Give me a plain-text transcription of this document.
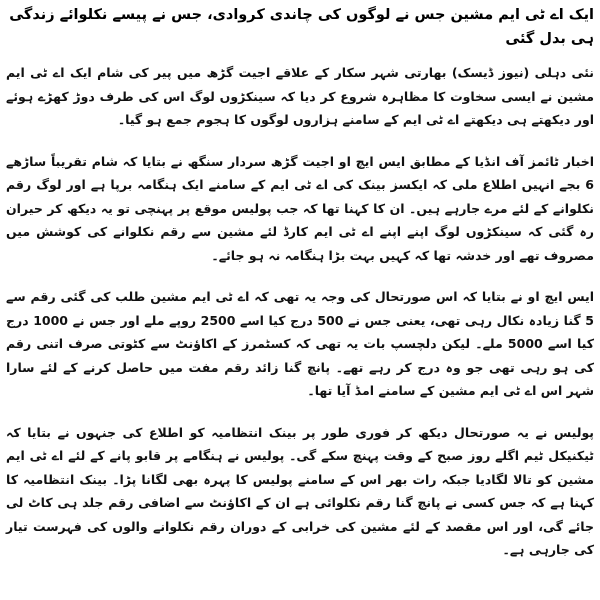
ایک اے ٹی ایم مشین جس نے لوگوں کی چاندی کروادی، جس نے پیسے نکلوائے زندگی ہی بدل گئی

نئی دہلی (نیوز ڈیسک) بھارتی شہر سکار کے علاقے اجیت گڑھ میں پیر کی شام ایک اے ٹی ایم مشین نے ایسی سخاوت کا مظاہرہ شروع کر دیا کہ سینکڑوں لوگ اس کی طرف دوڑ کھڑے ہوئے اور دیکھتے ہی دیکھتے اے ٹی ایم کے سامنے ہزاروں لوگوں کا ہجوم جمع ہو گیا۔

اخبار ٹائمز آف انڈیا کے مطابق ایس ایچ او اجیت گڑھ سردار سنگھ نے بتایا کہ شام تقریباً ساڑھے 6 بجے انہیں اطلاع ملی کہ ایکسز بینک کی اے ٹی ایم کے سامنے ایک ہنگامہ برپا ہے اور لوگ رقم نکلوانے کے لئے مرے جارہے ہیں۔ ان کا کہنا تھا کہ جب پولیس موقع پر پہنچی تو یہ دیکھ کر حیران رہ گئی کہ سینکڑوں لوگ اپنے اپنے اے ٹی ایم کارڈ لئے مشین سے رقم نکلوانے کی کوشش میں مصروف تھے اور خدشہ تھا کہ کہیں بہت بڑا ہنگامہ نہ ہو جائے۔

ایس ایچ او نے بتایا کہ اس صورتحال کی وجہ یہ تھی کہ اے ٹی ایم مشین طلب کی گئی رقم سے 5 گنا زیادہ نکال رہی تھی، یعنی جس نے 500 درج کیا اسے 2500 روپے ملے اور جس نے 1000 درج کیا اسے 5000 ملے۔ لیکن دلچسپ بات یہ تھی کہ کسٹمرز کے اکاؤنٹ سے کٹوتی صرف اتنی رقم کی ہو رہی تھی جو وہ درج کر رہے تھے۔ پانچ گنا زائد رقم مفت میں حاصل کرنے کے لئے سارا شہر اس اے ٹی ایم مشین کے سامنے امڈ آیا تھا۔

پولیس نے یہ صورتحال دیکھ کر فوری طور پر بینک انتظامیہ کو اطلاع کی جنہوں نے بتایا کہ ٹیکنیکل ٹیم اگلے روز صبح کے وقت پہنچ سکے گی۔ پولیس نے ہنگامے پر قابو پانے کے لئے اے ٹی ایم مشین کو تالا لگادیا جبکہ رات بھر اس کے سامنے پولیس کا پہرہ بھی لگانا پڑا۔ بینک انتظامیہ کا کہنا ہے کہ جس کسی نے پانچ گنا رقم نکلوائی ہے ان کے اکاؤنٹ سے اضافی رقم جلد ہی کاٹ لی جائے گی، اور اس مقصد کے لئے مشین کی خرابی کے دوران رقم نکلوانے والوں کی فہرست تیار کی جارہی ہے۔
